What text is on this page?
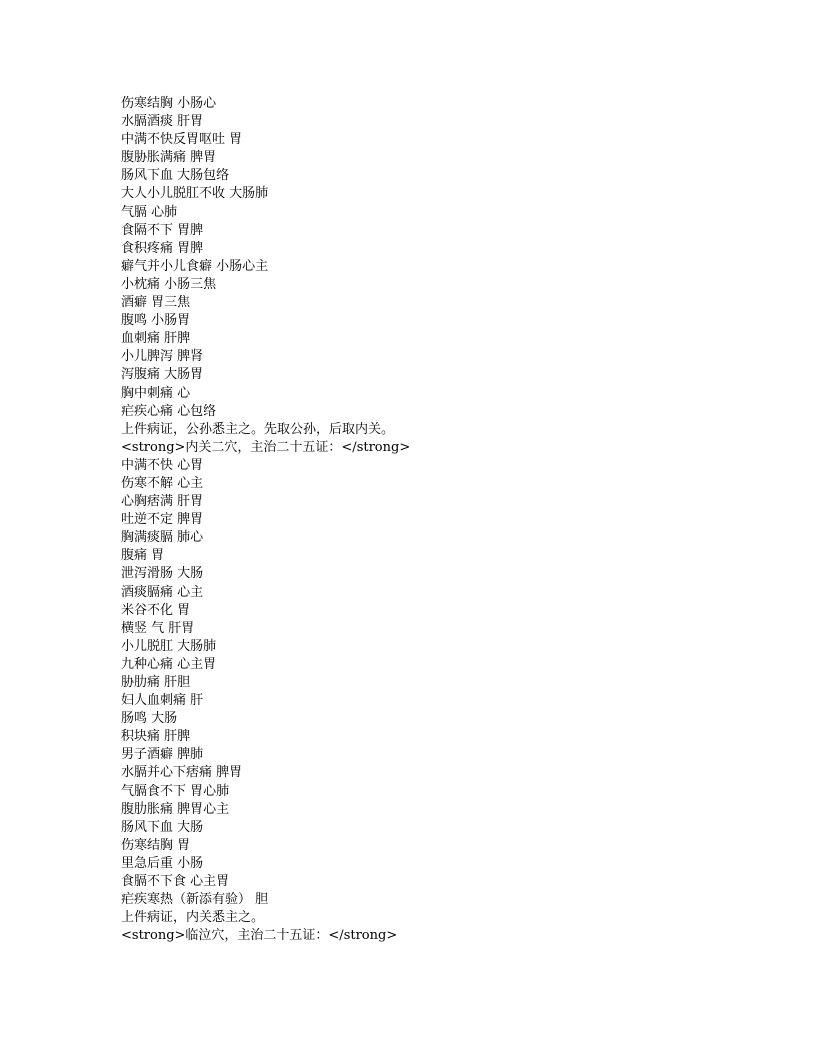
伤寒结胸 小肠心
水膈酒痰 肝胃
中满不快反胃呕吐 胃
腹胁胀满痛 脾胃
肠风下血 大肠包络
大人小儿脱肛不收 大肠肺
气膈 心肺
食隔不下 胃脾
食积疼痛 胃脾
癖气并小儿食癖 小肠心主
小枕痛 小肠三焦
酒癖 胃三焦
腹鸣 小肠胃
血刺痛 肝脾
小儿脾泻 脾肾
泻腹痛 大肠胃
胸中刺痛 心
疟疾心痛 心包络
上件病证，公孙悉主之。先取公孙，后取内关。
<strong>内关二穴，主治二十五证：</strong>
中满不快 心胃
伤寒不解 心主
心胸痞满 肝胃
吐逆不定 脾胃
胸满痰膈 肺心
腹痛 胃
泄泻滑肠 大肠
酒痰膈痛 心主
米谷不化 胃
横竖 气 肝胃
小儿脱肛 大肠肺
九种心痛 心主胃
胁肋痛 肝胆
妇人血刺痛 肝
肠鸣 大肠
积块痛 肝脾
男子酒癖 脾肺
水膈并心下痞痛 脾胃
气膈食不下 胃心肺
腹肋胀痛 脾胃心主
肠风下血 大肠
伤寒结胸 胃
里急后重 小肠
食膈不下食 心主胃
疟疾寒热（新添有验） 胆
上件病证，内关悉主之。
<strong>临泣穴，主治二十五证：</strong>
